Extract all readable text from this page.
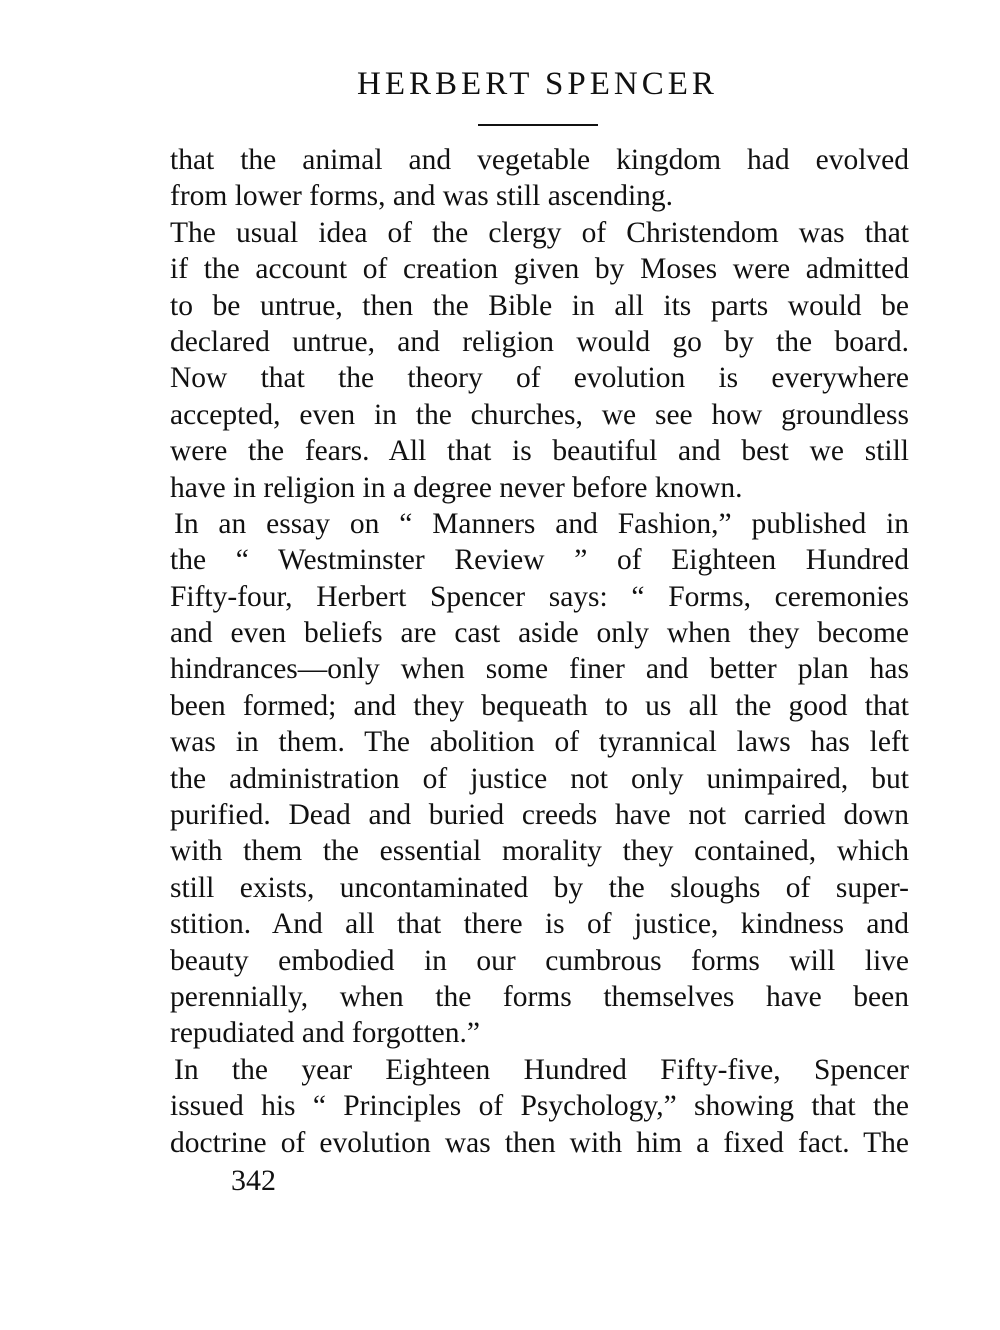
HERBERT SPENCER
that the animal and vegetable kingdom had evolved
from lower forms, and was still ascending.
The usual idea of the clergy of Christendom was that
if the account of creation given by Moses were admitted
to be untrue, then the Bible in all its parts would be
declared untrue, and religion would go by the board.
Now that the theory of evolution is everywhere
accepted, even in the churches, we see how groundless
were the fears. All that is beautiful and best we still
have in religion in a degree never before known.
In an essay on “ Manners and Fashion,” published in
the “ Westminster Review ” of Eighteen Hundred
Fifty-four, Herbert Spencer says: “ Forms, ceremonies
and even beliefs are cast aside only when they become
hindrances—only when some finer and better plan has
been formed; and they bequeath to us all the good that
was in them. The abolition of tyrannical laws has left
the administration of justice not only unimpaired, but
purified. Dead and buried creeds have not carried down
with them the essential morality they contained, which
still exists, uncontaminated by the sloughs of super-
stition. And all that there is of justice, kindness and
beauty embodied in our cumbrous forms will live
perennially, when the forms themselves have been
repudiated and forgotten.”
In the year Eighteen Hundred Fifty-five, Spencer
issued his “ Principles of Psychology,” showing that the
doctrine of evolution was then with him a fixed fact. The
342
